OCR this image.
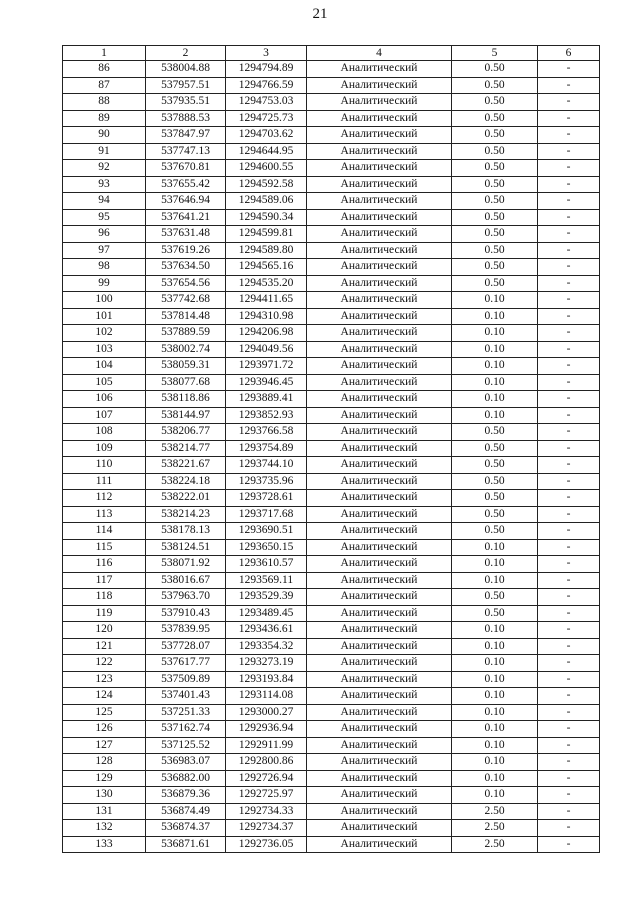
21
1	2	3	4	5	6
86	538004.88	1294794.89	Аналитический	0.50	-
87	537957.51	1294766.59	Аналитический	0.50	-
88	537935.51	1294753.03	Аналитический	0.50	-
89	537888.53	1294725.73	Аналитический	0.50	-
90	537847.97	1294703.62	Аналитический	0.50	-
91	537747.13	1294644.95	Аналитический	0.50	-
92	537670.81	1294600.55	Аналитический	0.50	-
93	537655.42	1294592.58	Аналитический	0.50	-
94	537646.94	1294589.06	Аналитический	0.50	-
95	537641.21	1294590.34	Аналитический	0.50	-
96	537631.48	1294599.81	Аналитический	0.50	-
97	537619.26	1294589.80	Аналитический	0.50	-
98	537634.50	1294565.16	Аналитический	0.50	-
99	537654.56	1294535.20	Аналитический	0.50	-
100	537742.68	1294411.65	Аналитический	0.10	-
101	537814.48	1294310.98	Аналитический	0.10	-
102	537889.59	1294206.98	Аналитический	0.10	-
103	538002.74	1294049.56	Аналитический	0.10	-
104	538059.31	1293971.72	Аналитический	0.10	-
105	538077.68	1293946.45	Аналитический	0.10	-
106	538118.86	1293889.41	Аналитический	0.10	-
107	538144.97	1293852.93	Аналитический	0.10	-
108	538206.77	1293766.58	Аналитический	0.50	-
109	538214.77	1293754.89	Аналитический	0.50	-
110	538221.67	1293744.10	Аналитический	0.50	-
111	538224.18	1293735.96	Аналитический	0.50	-
112	538222.01	1293728.61	Аналитический	0.50	-
113	538214.23	1293717.68	Аналитический	0.50	-
114	538178.13	1293690.51	Аналитический	0.50	-
115	538124.51	1293650.15	Аналитический	0.10	-
116	538071.92	1293610.57	Аналитический	0.10	-
117	538016.67	1293569.11	Аналитический	0.10	-
118	537963.70	1293529.39	Аналитический	0.50	-
119	537910.43	1293489.45	Аналитический	0.50	-
120	537839.95	1293436.61	Аналитический	0.10	-
121	537728.07	1293354.32	Аналитический	0.10	-
122	537617.77	1293273.19	Аналитический	0.10	-
123	537509.89	1293193.84	Аналитический	0.10	-
124	537401.43	1293114.08	Аналитический	0.10	-
125	537251.33	1293000.27	Аналитический	0.10	-
126	537162.74	1292936.94	Аналитический	0.10	-
127	537125.52	1292911.99	Аналитический	0.10	-
128	536983.07	1292800.86	Аналитический	0.10	-
129	536882.00	1292726.94	Аналитический	0.10	-
130	536879.36	1292725.97	Аналитический	0.10	-
131	536874.49	1292734.33	Аналитический	2.50	-
132	536874.37	1292734.37	Аналитический	2.50	-
133	536871.61	1292736.05	Аналитический	2.50	-
